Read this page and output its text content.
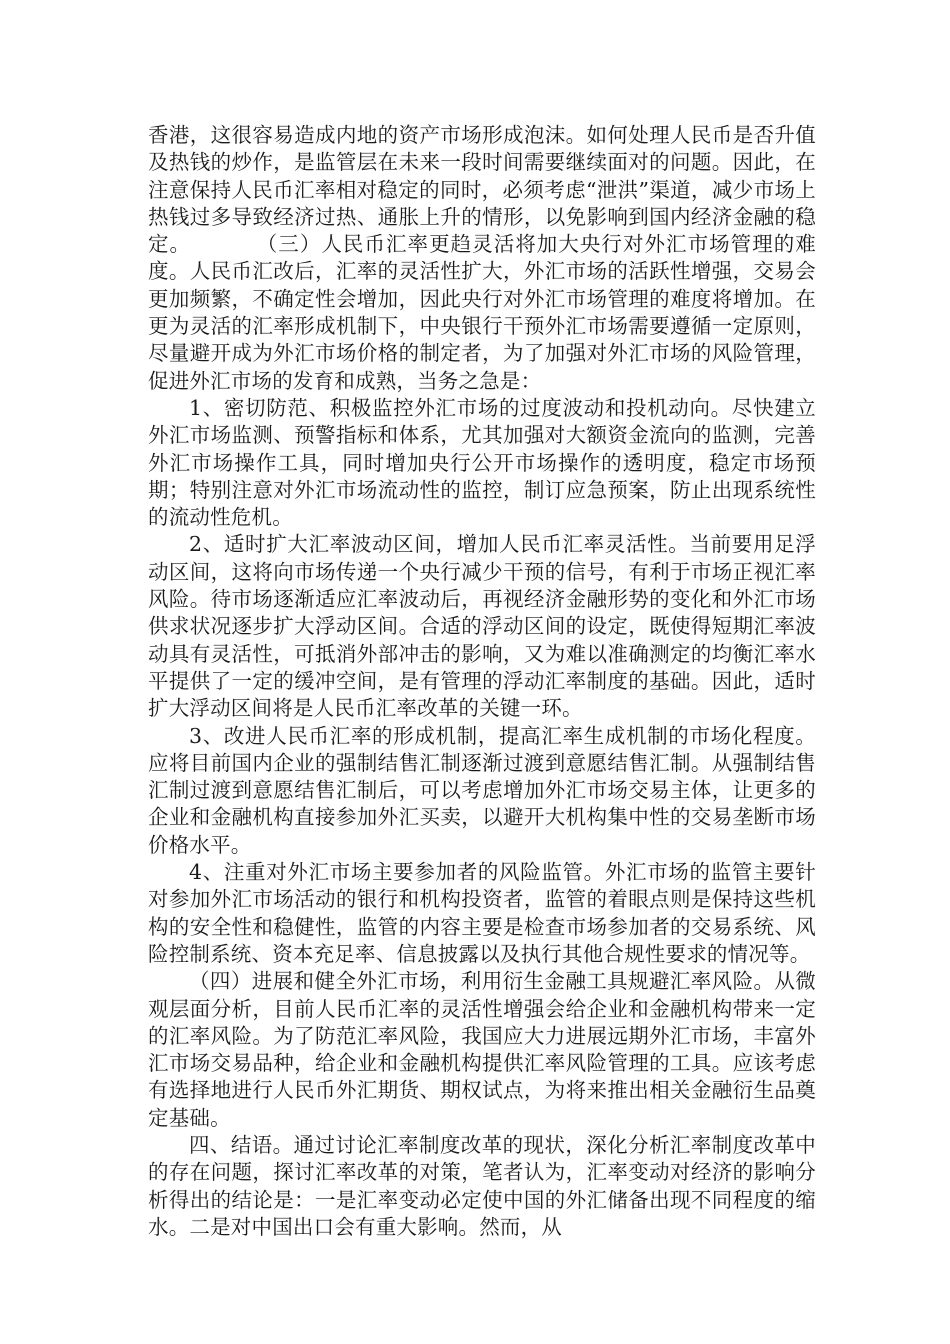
香港，这很容易造成内地的资产市场形成泡沫。如何处理人民币是否升值及热钱的炒作，是监管层在未来一段时间需要继续面对的问题。因此，在注意保持人民币汇率相对稳定的同时，必须考虑“泄洪”渠道，减少市场上热钱过多导致经济过热、通胀上升的情形，以免影响到国内经济金融的稳定。　　　　（三）人民币汇率更趋灵活将加大央行对外汇市场管理的难度。人民币汇改后，汇率的灵活性扩大，外汇市场的活跃性增强，交易会更加频繁，不确定性会增加，因此央行对外汇市场管理的难度将增加。在更为灵活的汇率形成机制下，中央银行干预外汇市场需要遵循一定原则，尽量避开成为外汇市场价格的制定者，为了加强对外汇市场的风险管理，促进外汇市场的发育和成熟，当务之急是：

1、密切防范、积极监控外汇市场的过度波动和投机动向。尽快建立外汇市场监测、预警指标和体系，尤其加强对大额资金流向的监测，完善外汇市场操作工具，同时增加央行公开市场操作的透明度，稳定市场预期；特别注意对外汇市场流动性的监控，制订应急预案，防止出现系统性的流动性危机。

2、适时扩大汇率波动区间，增加人民币汇率灵活性。当前要用足浮动区间，这将向市场传递一个央行减少干预的信号，有利于市场正视汇率风险。待市场逐渐适应汇率波动后，再视经济金融形势的变化和外汇市场供求状况逐步扩大浮动区间。合适的浮动区间的设定，既使得短期汇率波动具有灵活性，可抵消外部冲击的影响，又为难以准确测定的均衡汇率水平提供了一定的缓冲空间，是有管理的浮动汇率制度的基础。因此，适时扩大浮动区间将是人民币汇率改革的关键一环。

3、改进人民币汇率的形成机制，提高汇率生成机制的市场化程度。应将目前国内企业的强制结售汇制逐渐过渡到意愿结售汇制。从强制结售汇制过渡到意愿结售汇制后，可以考虑增加外汇市场交易主体，让更多的企业和金融机构直接参加外汇买卖，以避开大机构集中性的交易垄断市场价格水平。

4、注重对外汇市场主要参加者的风险监管。外汇市场的监管主要针对参加外汇市场活动的银行和机构投资者，监管的着眼点则是保持这些机构的安全性和稳健性，监管的内容主要是检查市场参加者的交易系统、风险控制系统、资本充足率、信息披露以及执行其他合规性要求的情况等。

（四）进展和健全外汇市场，利用衍生金融工具规避汇率风险。从微观层面分析，目前人民币汇率的灵活性增强会给企业和金融机构带来一定的汇率风险。为了防范汇率风险，我国应大力进展远期外汇市场，丰富外汇市场交易品种，给企业和金融机构提供汇率风险管理的工具。应该考虑有选择地进行人民币外汇期货、期权试点，为将来推出相关金融衍生品奠定基础。

四、结语。通过讨论汇率制度改革的现状，深化分析汇率制度改革中的存在问题，探讨汇率改革的对策，笔者认为，汇率变动对经济的影响分析得出的结论是：一是汇率变动必定使中国的外汇储备出现不同程度的缩水。二是对中国出口会有重大影响。然而，从
